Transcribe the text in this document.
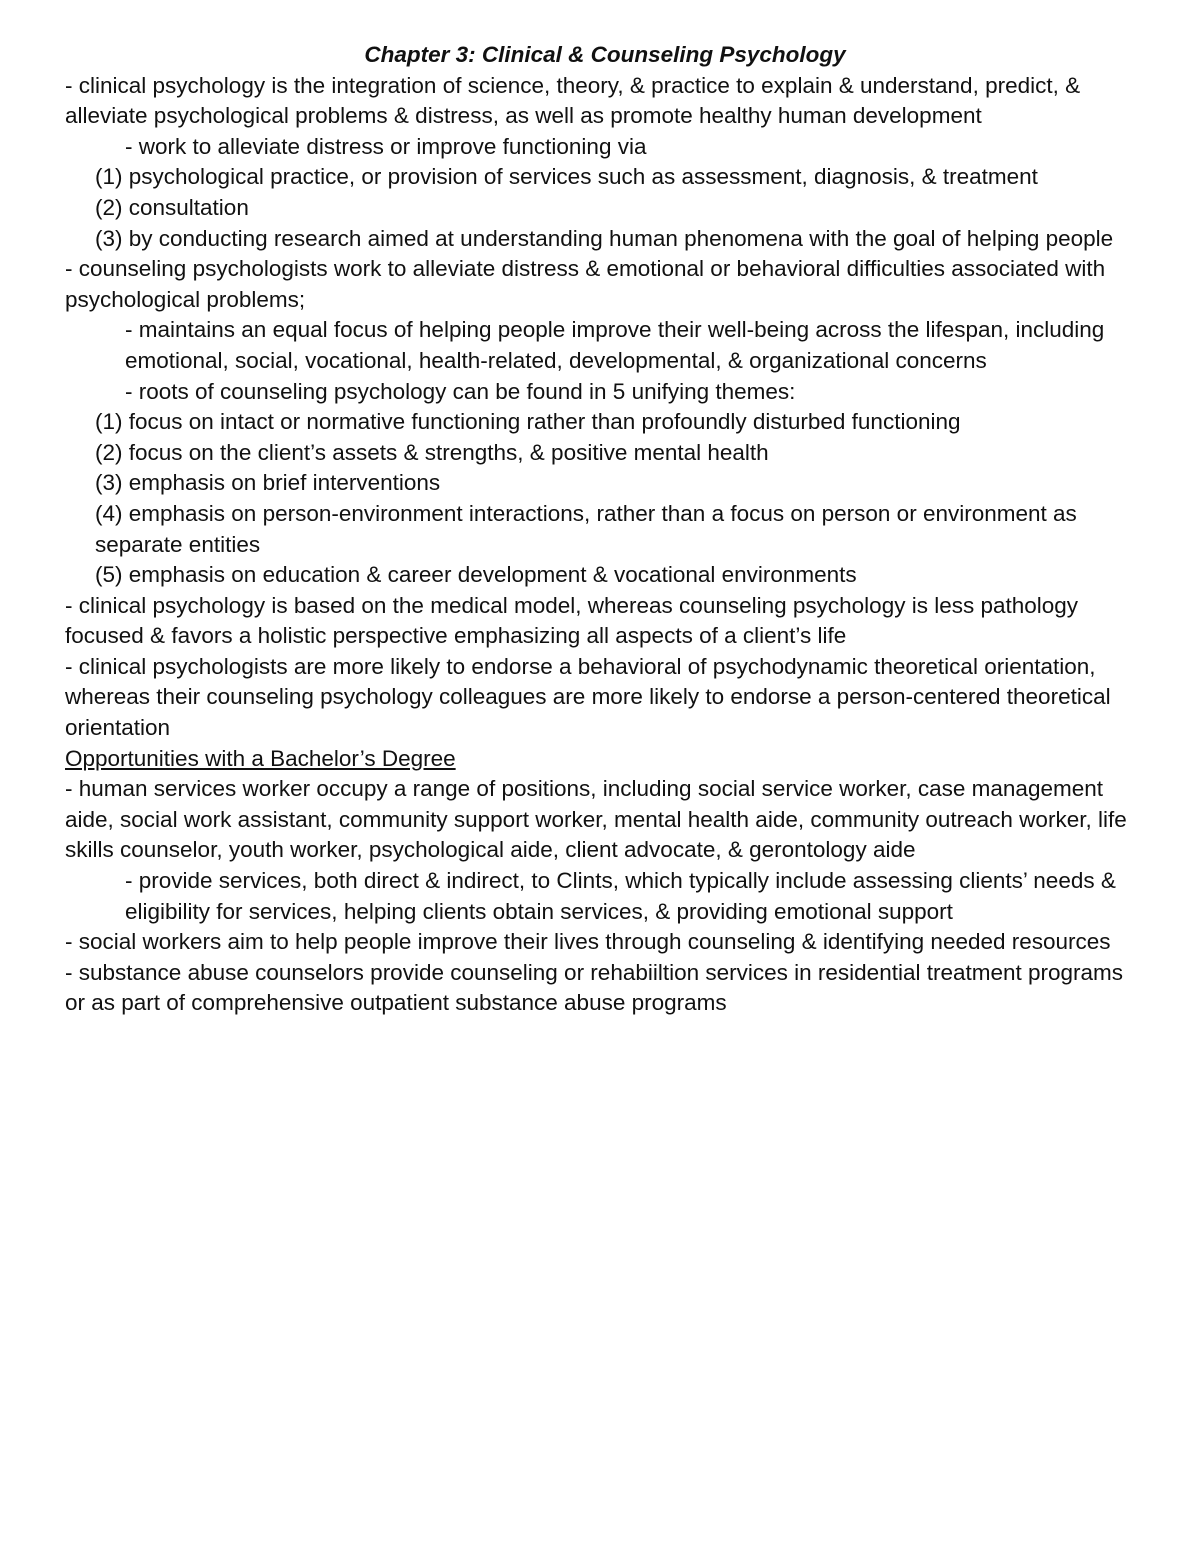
Chapter 3: Clinical & Counseling Psychology

- clinical psychology is the integration of science, theory, & practice to explain & understand, predict, & alleviate psychological problems & distress, as well as promote healthy human development

- work to alleviate distress or improve functioning via

(1) psychological practice, or provision of services such as assessment, diagnosis, & treatment

(2) consultation

(3) by conducting research aimed at understanding human phenomena with the goal of helping people

- counseling psychologists work to alleviate distress & emotional or behavioral difficulties associated with psychological problems;

- maintains an equal focus of helping people improve their well-being across the lifespan, including emotional, social, vocational, health-related, developmental, & organizational concerns

- roots of counseling psychology can be found in 5 unifying themes:

(1) focus on intact or normative functioning rather than profoundly disturbed functioning

(2) focus on the client’s assets & strengths, & positive mental health

(3) emphasis on brief interventions

(4) emphasis on person-environment interactions, rather than a focus on person or environment as separate entities

(5) emphasis on education & career development & vocational environments

- clinical psychology is based on the medical model, whereas counseling psychology is less pathology focused & favors a holistic perspective emphasizing all aspects of a client’s life

- clinical psychologists are more likely to endorse a behavioral of psychodynamic theoretical orientation, whereas their counseling psychology colleagues are more likely to endorse a person-centered theoretical orientation

Opportunities with a Bachelor’s Degree

- human services worker occupy a range of positions, including social service worker, case management aide, social work assistant, community support worker, mental health aide, community outreach worker, life skills counselor, youth worker, psychological aide, client advocate, & gerontology aide

- provide services, both direct & indirect, to Clints, which typically include assessing clients’ needs & eligibility for services, helping clients obtain services, & providing emotional support

- social workers aim to help people improve their lives through counseling & identifying needed resources

- substance abuse counselors provide counseling or rehabiiltion services in residential treatment programs or as part of comprehensive outpatient substance abuse programs
